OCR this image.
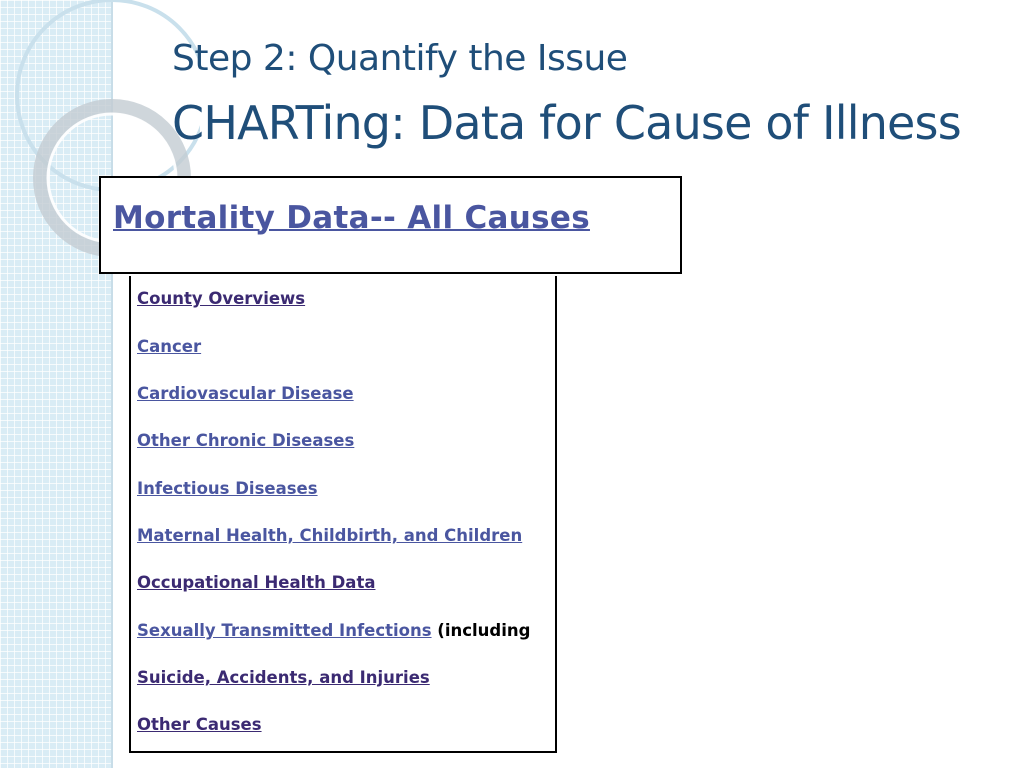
Step 2: Quantify the Issue
CHARTing: Data for Cause of Illness
Mortality Data-- All Causes
County Overviews
Cancer
Cardiovascular Disease
Other Chronic Diseases
Infectious Diseases
Maternal Health, Childbirth, and Children
Occupational Health Data
Sexually Transmitted Infections (including
Suicide, Accidents, and Injuries
Other Causes
